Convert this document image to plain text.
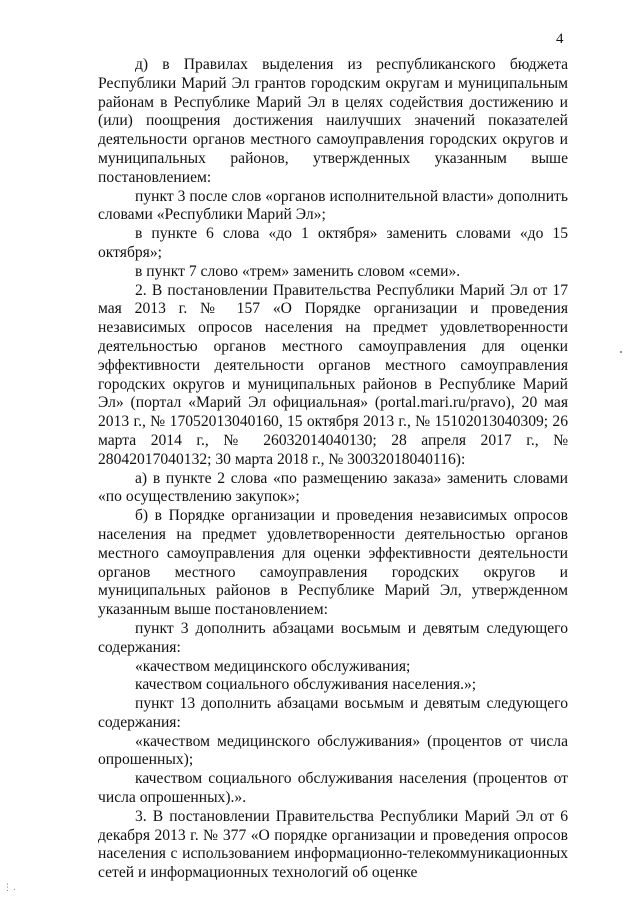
4

д) в Правилах выделения из республиканского бюджета Республики Марий Эл грантов городским округам и муниципальным районам в Республике Марий Эл в целях содействия достижению и (или) поощрения достижения наилучших значений показателей деятельности органов местного самоуправления городских округов и муниципальных районов, утвержденных указанным выше постановлением:

пункт 3 после слов «органов исполнительной власти» дополнить словами «Республики Марий Эл»;

в пункте 6 слова «до 1 октября» заменить словами «до 15 октября»;

в пункт 7 слово «трем» заменить словом «семи».

2. В постановлении Правительства Республики Марий Эл от 17 мая 2013 г. № 157 «О Порядке организации и проведения независимых опросов населения на предмет удовлетворенности деятельностью органов местного самоуправления для оценки эффективности деятельности органов местного самоуправления городских округов и муниципальных районов в Республике Марий Эл» (портал «Марий Эл официальная» (portal.mari.ru/pravo), 20 мая 2013 г., № 17052013040160, 15 октября 2013 г., № 15102013040309; 26 марта 2014 г., № 26032014040130; 28 апреля 2017 г., № 28042017040132; 30 марта 2018 г., № 30032018040116):

а) в пункте 2 слова «по размещению заказа» заменить словами «по осуществлению закупок»;

б) в Порядке организации и проведения независимых опросов населения на предмет удовлетворенности деятельностью органов местного самоуправления для оценки эффективности деятельности органов местного самоуправления городских округов и муниципальных районов в Республике Марий Эл, утвержденном указанным выше постановлением:

пункт 3 дополнить абзацами восьмым и девятым следующего содержания:

«качеством медицинского обслуживания;

качеством социального обслуживания населения.»;

пункт 13 дополнить абзацами восьмым и девятым следующего содержания:

«качеством медицинского обслуживания» (процентов от числа опрошенных);

качеством социального обслуживания населения (процентов от числа опрошенных).».

3. В постановлении Правительства Республики Марий Эл от 6 декабря 2013 г. № 377 «О порядке организации и проведения опросов населения с использованием информационно-телекоммуникационных сетей и информационных технологий об оценке

⋮.
